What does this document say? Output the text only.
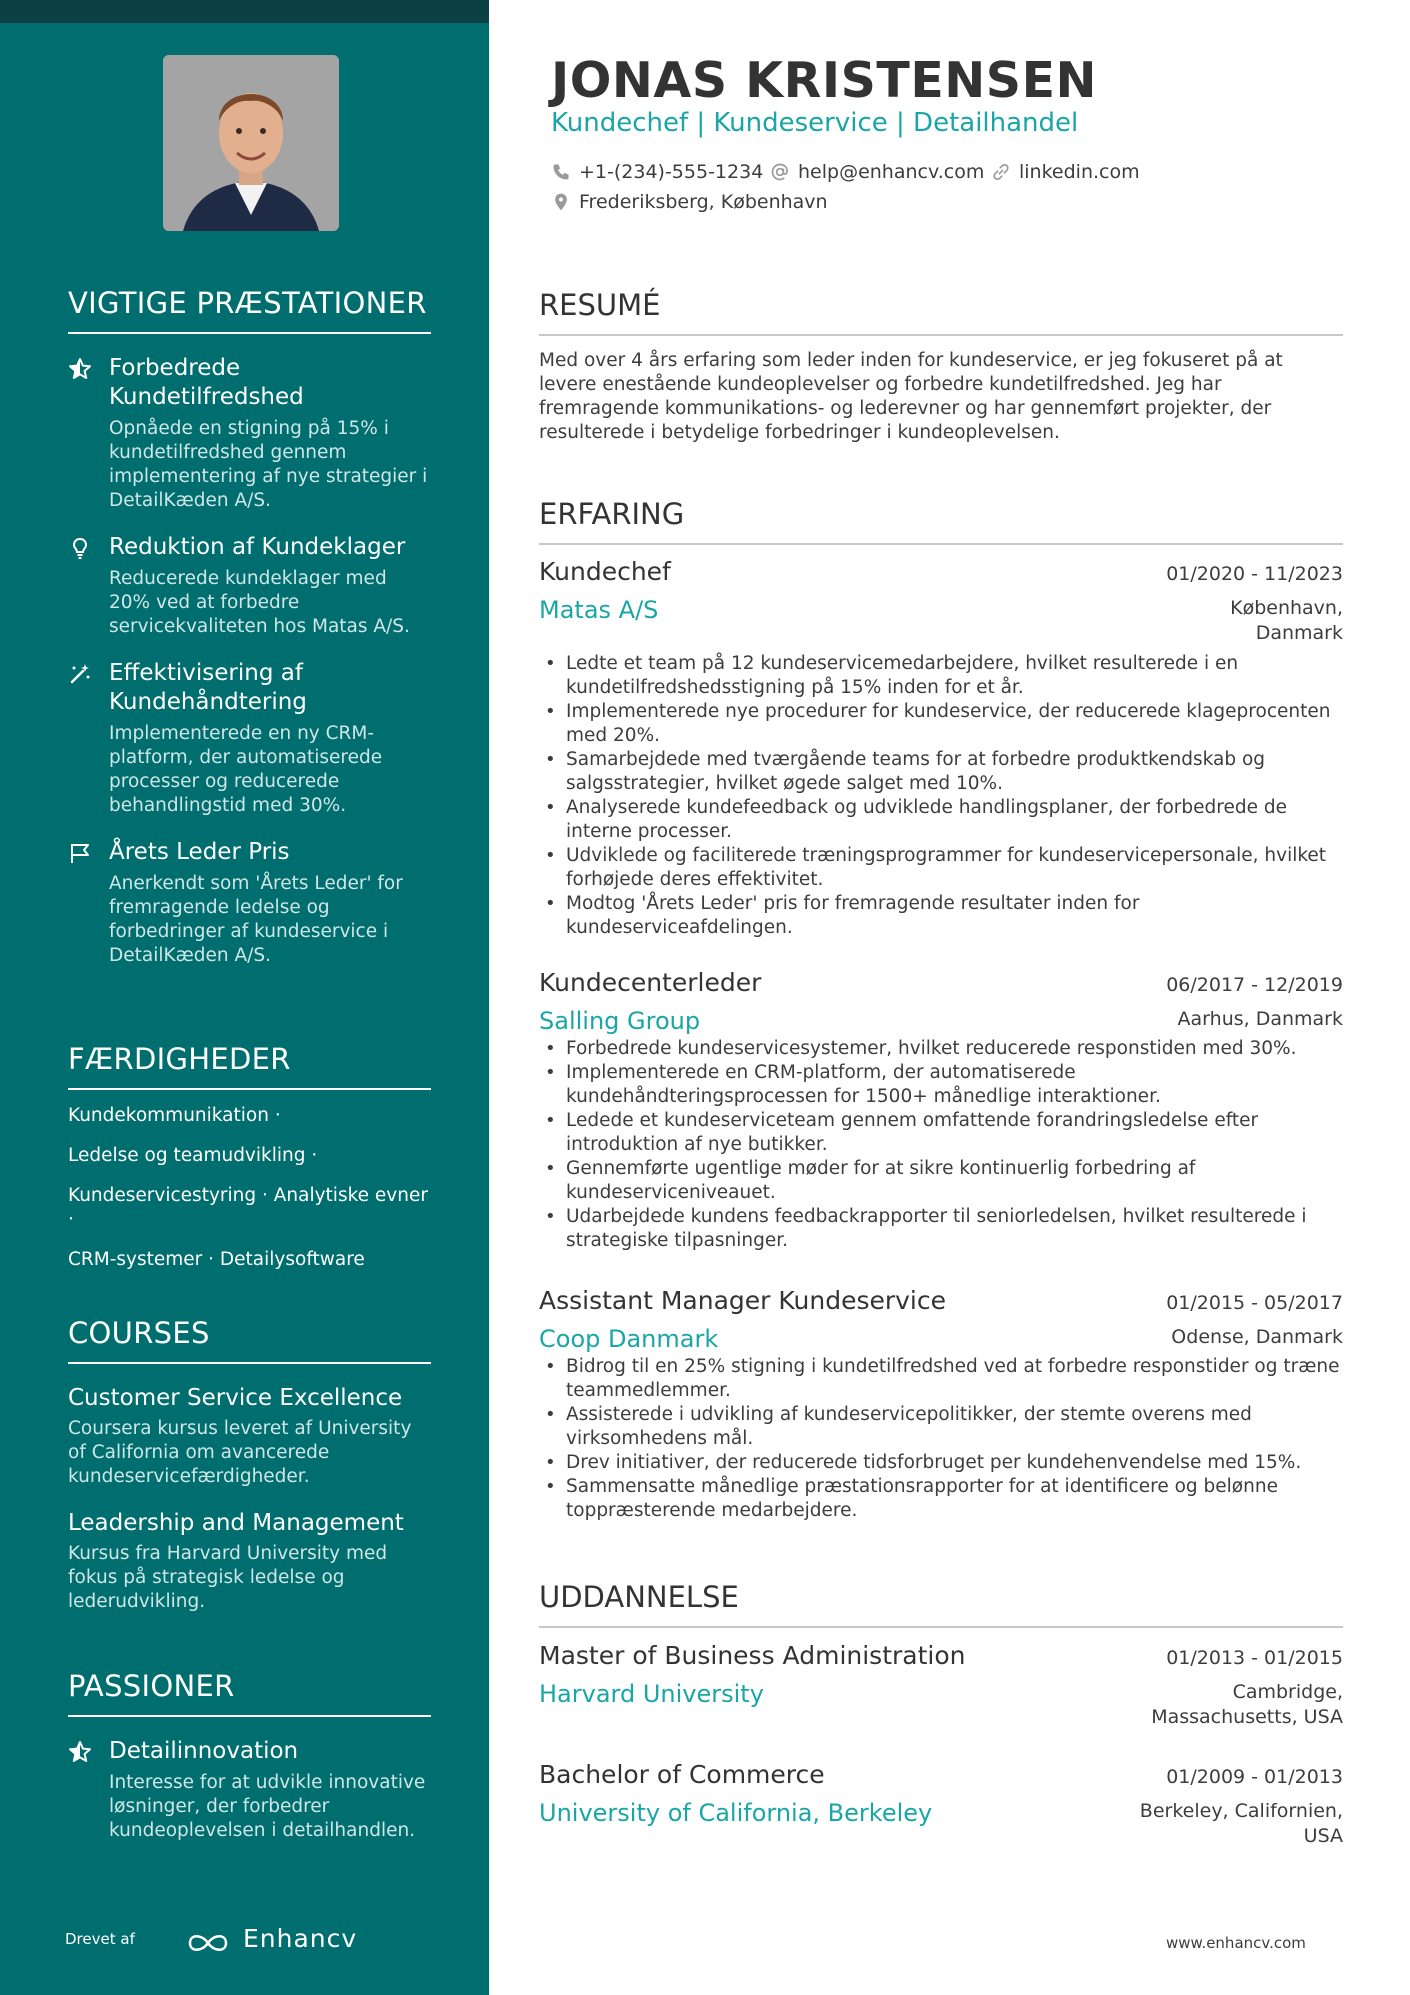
VIGTIGE PRÆSTATIONER
Forbedrede Kundetilfredshed
Opnåede en stigning på 15% i kundetilfredshed gennem implementering af nye strategier i DetailKæden A/S.
Reduktion af Kundeklager
Reducerede kundeklager med 20% ved at forbedre servicekvaliteten hos Matas A/S.
Effektivisering af Kundehåndtering
Implementerede en ny CRM-platform, der automatiserede processer og reducerede behandlingstid med 30%.
Årets Leder Pris
Anerkendt som 'Årets Leder' for fremragende ledelse og forbedringer af kundeservice i DetailKæden A/S.
FÆRDIGHEDER
Kundekommunikation ·
Ledelse og teamudvikling ·
Kundeservicestyring · Analytiske evner ·
CRM-systemer · Detailysoftware
COURSES
Customer Service Excellence
Coursera kursus leveret af University of California om avancerede kundeservicefærdigheder.
Leadership and Management
Kursus fra Harvard University med fokus på strategisk ledelse og lederudvikling.
PASSIONER
Detailinnovation
Interesse for at udvikle innovative løsninger, der forbedrer kundeoplevelsen i detailhandlen.
Drevet af	Enhancv
JONAS KRISTENSEN
Kundechef | Kundeservice | Detailhandel
+1-(234)-555-1234 help@enhancv.com linkedin.com
Frederiksberg, København
RESUMÉ
Med over 4 års erfaring som leder inden for kundeservice, er jeg fokuseret på at levere enestående kundeoplevelser og forbedre kundetilfredshed. Jeg har fremragende kommunikations- og lederevner og har gennemført projekter, der resulterede i betydelige forbedringer i kundeoplevelsen.
ERFARING
Kundechef	01/2020 - 11/2023
Matas A/S	København,
Danmark
• Ledte et team på 12 kundeservicemedarbejdere, hvilket resulterede i en kundetilfredshedsstigning på 15% inden for et år.
• Implementerede nye procedurer for kundeservice, der reducerede klageprocenten med 20%.
• Samarbejdede med tværgående teams for at forbedre produktkendskab og salgsstrategier, hvilket øgede salget med 10%.
• Analyserede kundefeedback og udviklede handlingsplaner, der forbedrede de interne processer.
• Udviklede og faciliterede træningsprogrammer for kundeservicepersonale, hvilket forhøjede deres effektivitet.
• Modtog 'Årets Leder' pris for fremragende resultater inden for kundeserviceafdelingen.
Kundecenterleder	06/2017 - 12/2019
Salling Group	Aarhus, Danmark
• Forbedrede kundeservicesystemer, hvilket reducerede responstiden med 30%.
• Implementerede en CRM-platform, der automatiserede kundehåndteringsprocessen for 1500+ månedlige interaktioner.
• Ledede et kundeserviceteam gennem omfattende forandringsledelse efter introduktion af nye butikker.
• Gennemførte ugentlige møder for at sikre kontinuerlig forbedring af kundeserviceniveauet.
• Udarbejdede kundens feedbackrapporter til seniorledelsen, hvilket resulterede i strategiske tilpasninger.
Assistant Manager Kundeservice	01/2015 - 05/2017
Coop Danmark	Odense, Danmark
• Bidrog til en 25% stigning i kundetilfredshed ved at forbedre responstider og træne teammedlemmer.
• Assisterede i udvikling af kundeservicepolitikker, der stemte overens med virksomhedens mål.
• Drev initiativer, der reducerede tidsforbruget per kundehenvendelse med 15%.
• Sammensatte månedlige præstationsrapporter for at identificere og belønne toppræsterende medarbejdere.
UDDANNELSE
Master of Business Administration	01/2013 - 01/2015
Harvard University	Cambridge,
Massachusetts, USA
Bachelor of Commerce	01/2009 - 01/2013
University of California, Berkeley	Berkeley, Californien,
USA
www.enhancv.com
